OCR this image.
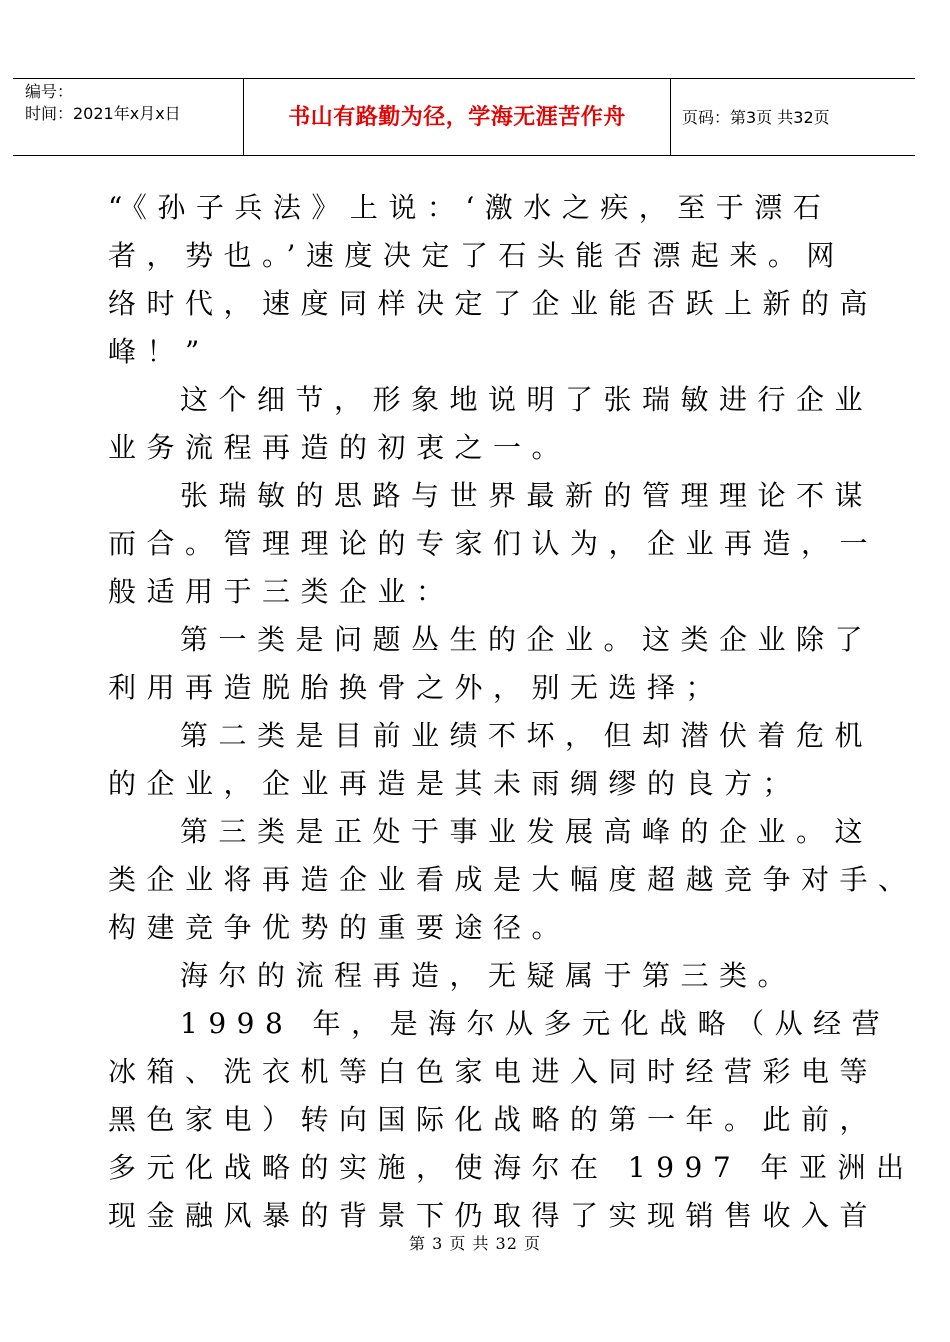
编号：
时间：2021年x月x日	书山有路勤为径，学海无涯苦作舟	页码：第3页 共32页
“《孙子兵法》上说：‘激水之疾，至于漂石
者，势也。’速度决定了石头能否漂起来。网
络时代，速度同样决定了企业能否跃上新的高
峰！”
这个细节，形象地说明了张瑞敏进行企业
业务流程再造的初衷之一。
张瑞敏的思路与世界最新的管理理论不谋
而合。管理理论的专家们认为，企业再造，一
般适用于三类企业：
第一类是问题丛生的企业。这类企业除了
利用再造脱胎换骨之外，别无选择；
第二类是目前业绩不坏，但却潜伏着危机
的企业，企业再造是其未雨绸缪的良方；
第三类是正处于事业发展高峰的企业。这
类企业将再造企业看成是大幅度超越竞争对手、
构建竞争优势的重要途径。
海尔的流程再造，无疑属于第三类。
1998 年，是海尔从多元化战略（从经营
冰箱、洗衣机等白色家电进入同时经营彩电等
黑色家电）转向国际化战略的第一年。此前，
多元化战略的实施，使海尔在 1997 年亚洲出
现金融风暴的背景下仍取得了实现销售收入首
第 3 页 共 32 页
